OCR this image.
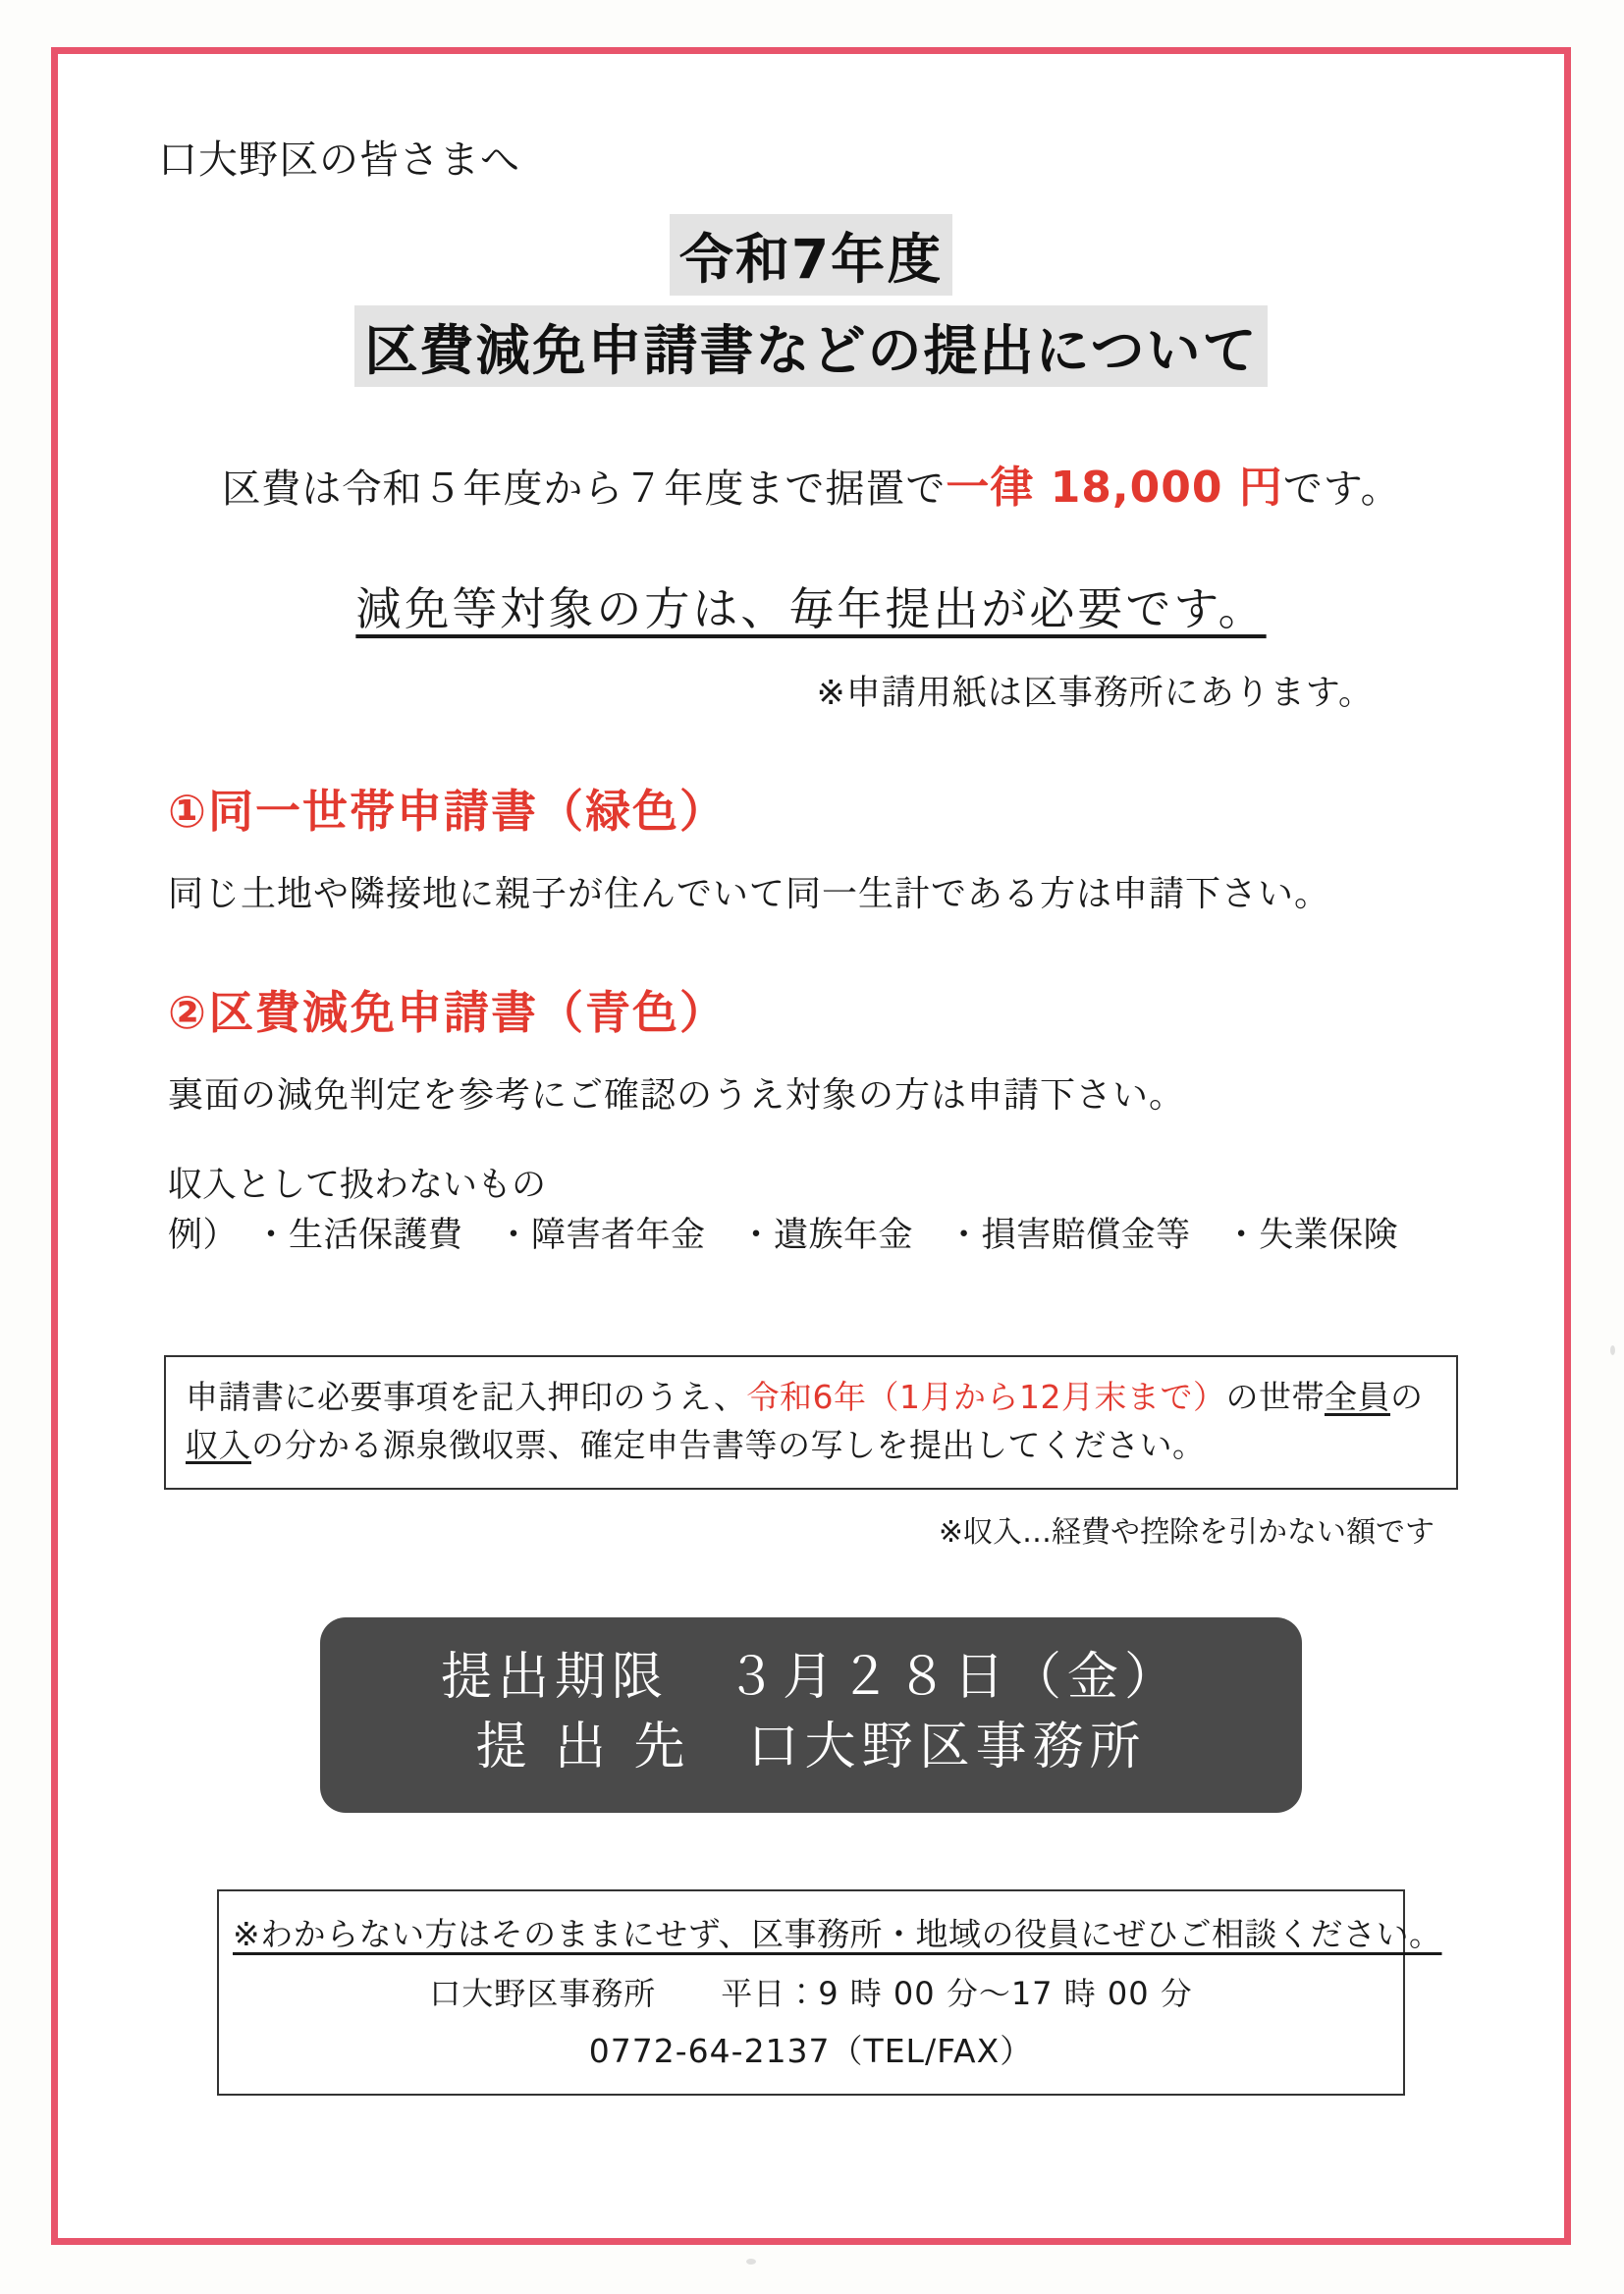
口大野区の皆さまへ
令和7年度
区費減免申請書などの提出について
区費は令和５年度から７年度まで据置で一律 18,000 円です。
減免等対象の方は、毎年提出が必要です。
※申請用紙は区事務所にあります。
①同一世帯申請書（緑色）
同じ土地や隣接地に親子が住んでいて同一生計である方は申請下さい。
②区費減免申請書（青色）
裏面の減免判定を参考にご確認のうえ対象の方は申請下さい。
収入として扱わないもの
例） ・生活保護費 ・障害者年金 ・遺族年金 ・損害賠償金等 ・失業保険
申請書に必要事項を記入押印のうえ、令和6年（1月から12月末まで）の世帯全員の収入の分かる源泉徴収票、確定申告書等の写しを提出してください。
※収入…経費や控除を引かない額です
提出期限　３月２８日（金）
提 出 先　口大野区事務所
※わからない方はそのままにせず、区事務所・地域の役員にぜひご相談ください。
口大野区事務所　　平日：9 時 00 分～17 時 00 分
0772-64-2137（TEL/FAX）
